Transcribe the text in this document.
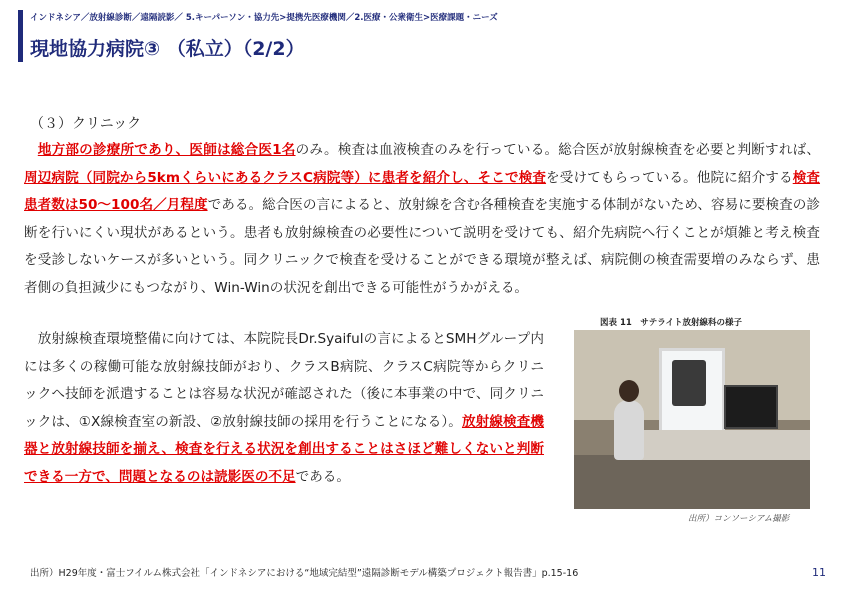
インドネシア／放射線診断／遠隔読影／ 5.キーパーソン・協力先>提携先医療機関／2.医療・公衆衛生>医療課題・ニーズ
現地協力病院③ （私立）（2/2）
（３）クリニック
　地方部の診療所であり、医師は総合医1名のみ。検査は血液検査のみを行っている。総合医が放射線検査を必要と判断すれば、周辺病院（同院から5kmくらいにあるクラスC病院等）に患者を紹介し、そこで検査を受けてもらっている。他院に紹介する検査患者数は50～100名／月程度である。総合医の言によると、放射線を含む各種検査を実施する体制がないため、容易に要検査の診断を行いにくい現状があるという。患者も放射線検査の必要性について説明を受けても、紹介先病院へ行くことが煩雑と考え検査を受診しないケースが多いという。同クリニックで検査を受けることができる環境が整えば、病院側の検査需要増のみならず、患者側の負担減少にもつながり、Win-Winの状況を創出できる可能性がうかがえる。
　放射線検査環境整備に向けては、本院院長Dr.Syaifulの言によるとSMHグループ内には多くの稼働可能な放射線技師がおり、クラスB病院、クラスC病院等からクリニックへ技師を派遣することは容易な状況が確認された（後に本事業の中で、同クリニックは、①X線検査室の新設、②放射線技師の採用を行うことになる）。放射線検査機器と放射線技師を揃え、検査を行える状況を創出することはさほど難しくないと判断できる一方で、問題となるのは読影医の不足である。
図表 11　サテライト放射線科の様子
出所）コンソーシアム撮影
出所）H29年度・富士フイルム株式会社「インドネシアにおける“地域完結型”遠隔診断モデル構築プロジェクト報告書」p.15-16	11
